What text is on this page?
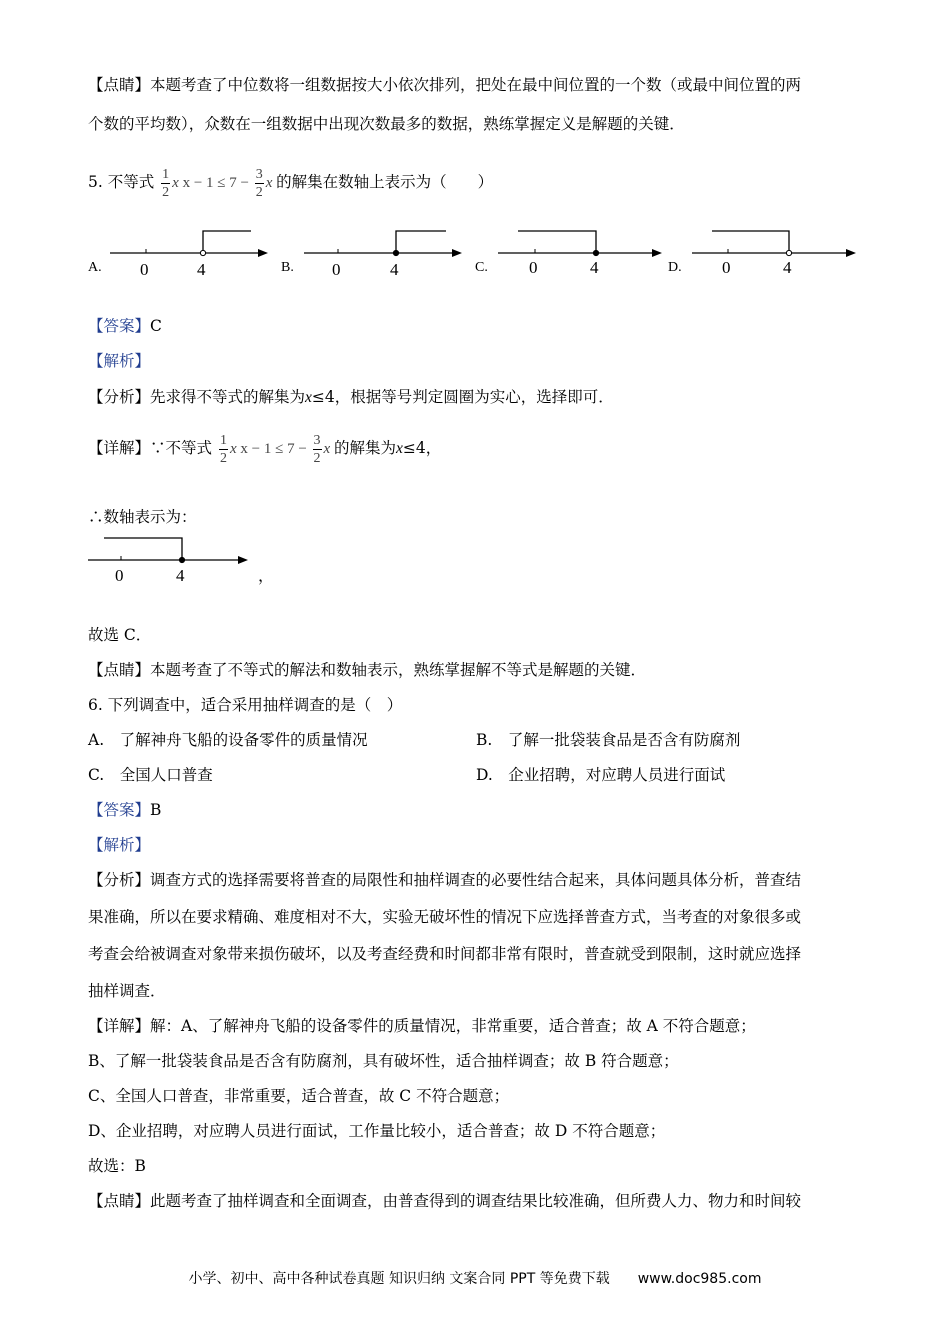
【点睛】本题考查了中位数将一组数据按大小依次排列，把处在最中间位置的一个数（或最中间位置的两
个数的平均数），众数在一组数据中出现次数最多的数据，熟练掌握定义是解题的关键．
5. 不等式 $\frac{1}{2}$ x $x - 1 \le 7 - \frac{3}{2}$ x 的解集在数轴上表示为（　　）
A. 0	4	B. 0	4	C. 0	4	D. 0	4
【答案】C
【解析】
【分析】先求得不等式的解集为x≤4，根据等号判定圆圈为实心，选择即可．
【详解】∵不等式 $\frac{1}{2}$ x $x - 1 \le 7 - \frac{3}{2}$ x 的解集为x≤4，
∴数轴表示为：
0	4	，
故选 C．
【点睛】本题考查了不等式的解法和数轴表示，熟练掌握解不等式是解题的关键．
6. 下列调查中，适合采用抽样调查的是（　）
A.　了解神舟飞船的设备零件的质量情况	B.　了解一批袋装食品是否含有防腐剂
C.　全国人口普查	D.　企业招聘，对应聘人员进行面试
【答案】B
【解析】
【分析】调查方式的选择需要将普查的局限性和抽样调查的必要性结合起来，具体问题具体分析，普查结
果准确，所以在要求精确、难度相对不大，实验无破坏性的情况下应选择普查方式，当考查的对象很多或
考查会给被调查对象带来损伤破坏，以及考查经费和时间都非常有限时，普查就受到限制，这时就应选择
抽样调查．
【详解】解：A、了解神舟飞船的设备零件的质量情况，非常重要，适合普查；故 A 不符合题意；
B、了解一批袋装食品是否含有防腐剂，具有破坏性，适合抽样调查；故 B 符合题意；
C、全国人口普查，非常重要，适合普查，故 C 不符合题意；
D、企业招聘，对应聘人员进行面试，工作量比较小，适合普查；故 D 不符合题意；
故选：B
【点睛】此题考查了抽样调查和全面调查，由普查得到的调查结果比较准确，但所费人力、物力和时间较
小学、初中、高中各种试卷真题 知识归纳 文案合同 PPT 等免费下载　　www.doc985.com
